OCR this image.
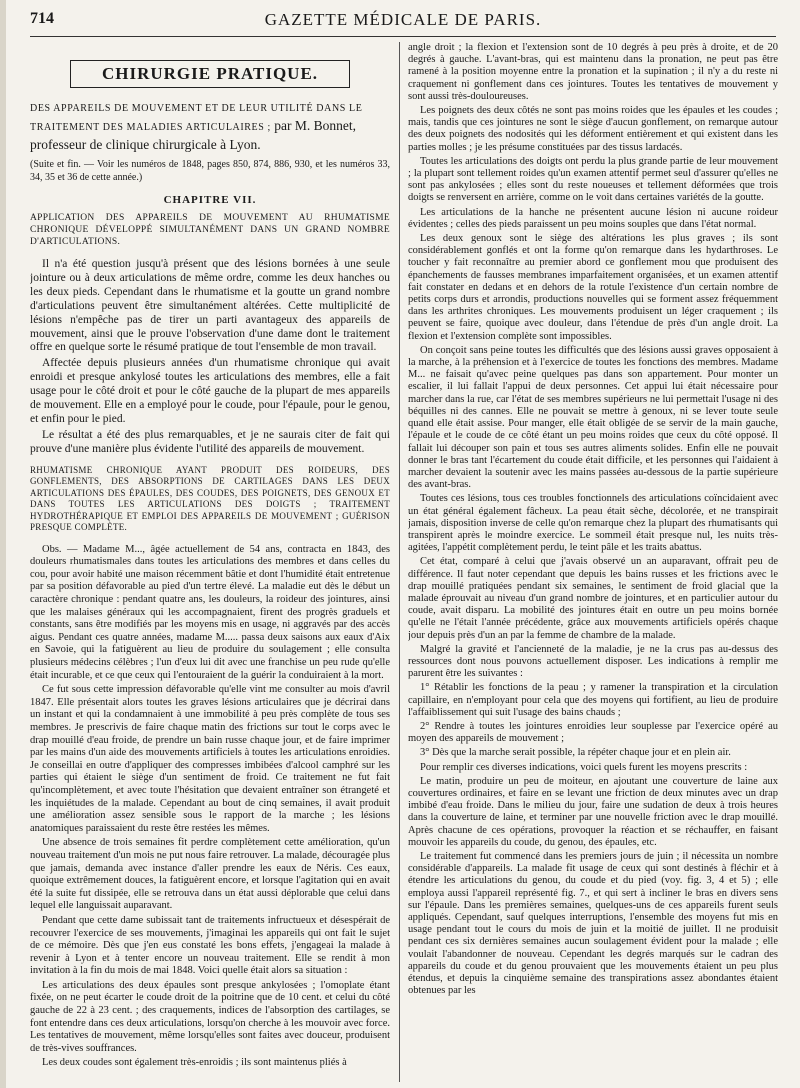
714	GAZETTE MÉDICALE DE PARIS.
CHIRURGIE PRATIQUE.
DES APPAREILS DE MOUVEMENT ET DE LEUR UTILITÉ DANS LE TRAITEMENT DES MALADIES ARTICULAIRES ; par M. Bonnet, professeur de clinique chirurgicale à Lyon.
(Suite et fin. — Voir les numéros de 1848, pages 850, 874, 886, 930, et les numéros 33, 34, 35 et 36 de cette année.)
CHAPITRE VII.
APPLICATION DES APPAREILS DE MOUVEMENT AU RHUMATISME CHRONIQUE DÉVELOPPÉ SIMULTANÉMENT DANS UN GRAND NOMBRE D'ARTICULATIONS.

Il n'a été question jusqu'à présent que des lésions bornées à une seule jointure ou à deux articulations de même ordre, comme les deux hanches ou les deux pieds. Cependant dans le rhumatisme et la goutte un grand nombre d'articulations peuvent être simultanément altérées. Cette multiplicité de lésions n'empêche pas de tirer un parti avantageux des appareils de mouvement, ainsi que le prouve l'observation d'une dame dont le traitement offre en quelque sorte le résumé pratique de tout l'ensemble de mon travail.

Affectée depuis plusieurs années d'un rhumatisme chronique qui avait enroidi et presque ankylosé toutes les articulations des membres, elle a fait usage pour le côté droit et pour le côté gauche de la plupart de mes appareils de mouvement. Elle en a employé pour le coude, pour l'épaule, pour le genou, et enfin pour le pied.

Le résultat a été des plus remarquables, et je ne saurais citer de fait qui prouve d'une manière plus évidente l'utilité des appareils de mouvement.

RHUMATISME CHRONIQUE AYANT PRODUIT DES ROIDEURS, DES GONFLEMENTS, DES ABSORPTIONS DE CARTILAGES DANS LES DEUX ARTICULATIONS DES ÉPAULES, DES COUDES, DES POIGNETS, DES GENOUX ET DANS TOUTES LES ARTICULATIONS DES DOIGTS ; TRAITEMENT HYDROTHÉRAPIQUE ET EMPLOI DES APPAREILS DE MOUVEMENT ; GUÉRISON PRESQUE COMPLÈTE.

Obs. — Madame M..., âgée actuellement de 54 ans, contracta en 1843, des douleurs rhumatismales dans toutes les articulations des membres et dans celles du cou, pour avoir habité une maison récemment bâtie et dont l'humidité était entretenue par sa position défavorable au pied d'un tertre élevé. La maladie eut dès le début un caractère chronique : pendant quatre ans, les douleurs, la roideur des jointures, ainsi que les malaises généraux qui les accompagnaient, firent des progrès graduels et constants, sans être modifiés par les moyens mis en usage, ni aggravés par des accès aigus. Pendant ces quatre années, madame M..... passa deux saisons aux eaux d'Aix en Savoie, qui la fatiguèrent au lieu de produire du soulagement ; elle consulta plusieurs médecins célèbres ; l'un d'eux lui dit avec une franchise un peu rude qu'elle était incurable, et ce que ceux qui l'entouraient de la guérir la conduiraient à la mort.

Ce fut sous cette impression défavorable qu'elle vint me consulter au mois d'avril 1847. Elle présentait alors toutes les graves lésions articulaires que je décrirai dans un instant et qui la condamnaient à une immobilité à peu près complète de tous ses membres. Je prescrivis de faire chaque matin des frictions sur tout le corps avec le drap mouillé d'eau froide, de prendre un bain russe chaque jour, et de faire imprimer par les mains d'un aide des mouvements artificiels à toutes les articulations enroidies. Je conseillai en outre d'appliquer des compresses imbibées d'alcool camphré sur les parties qui étaient le siège d'un sentiment de froid. Ce traitement ne fut fait qu'incomplètement, et avec toute l'hésitation que devaient entraîner son étrangeté et les inquiétudes de la malade. Cependant au bout de cinq semaines, il avait produit une amélioration assez sensible sous le rapport de la marche ; les lésions anatomiques paraissaient du reste être restées les mêmes.

Une absence de trois semaines fit perdre complètement cette amélioration, qu'un nouveau traitement d'un mois ne put nous faire retrouver. La malade, découragée plus que jamais, demanda avec instance d'aller prendre les eaux de Néris. Ces eaux, quoique extrêmement douces, la fatiguèrent encore, et lorsque l'agitation qui en avait été la suite fut dissipée, elle se retrouva dans un état aussi déplorable que celui dans lequel elle languissait auparavant.

Pendant que cette dame subissait tant de traitements infructueux et désespérait de recouvrer l'exercice de ses mouvements, j'imaginai les appareils qui ont fait le sujet de ce mémoire. Dès que j'en eus constaté les bons effets, j'engageai la malade à revenir à Lyon et à tenter encore un nouveau traitement. Elle se rendit à mon invitation à la fin du mois de mai 1848. Voici quelle était alors sa situation :

Les articulations des deux épaules sont presque ankylosées ; l'omoplate étant fixée, on ne peut écarter le coude droit de la poitrine que de 10 cent. et celui du côté gauche de 22 à 23 cent. ; des craquements, indices de l'absorption des cartilages, se font entendre dans ces deux articulations, lorsqu'on cherche à les mouvoir avec force. Les tentatives de mouvement, même lorsqu'elles sont faites avec douceur, produisent de très-vives souffrances.

Les deux coudes sont également très-enroidis ; ils sont maintenus pliés à

angle droit ; la flexion et l'extension sont de 10 degrés à peu près à droite, et de 20 degrés à gauche. L'avant-bras, qui est maintenu dans la pronation, ne peut pas être ramené à la position moyenne entre la pronation et la supination ; il n'y a du reste ni craquement ni gonflement dans ces jointures. Toutes les tentatives de mouvement y sont aussi très-douloureuses.

Les poignets des deux côtés ne sont pas moins roides que les épaules et les coudes ; mais, tandis que ces jointures ne sont le siège d'aucun gonflement, on remarque autour des deux poignets des nodosités qui les déforment entièrement et qui existent dans les parties molles ; je les présume constituées par des tissus lardacés.

Toutes les articulations des doigts ont perdu la plus grande partie de leur mouvement ; la plupart sont tellement roides qu'un examen attentif permet seul d'assurer qu'elles ne sont pas ankylosées ; elles sont du reste noueuses et tellement déformées que trois doigts se renversent en arrière, comme on le voit dans certaines variétés de la goutte.

Les articulations de la hanche ne présentent aucune lésion ni aucune roideur évidentes ; celles des pieds paraissent un peu moins souples que dans l'état normal.

Les deux genoux sont le siège des altérations les plus graves ; ils sont considérablement gonflés et ont la forme qu'on remarque dans les hydarthroses. Le toucher y fait reconnaître au premier abord ce gonflement mou que produisent des épanchements de fausses membranes imparfaitement organisées, et un examen attentif fait constater en dedans et en dehors de la rotule l'existence d'un certain nombre de petits corps durs et arrondis, productions nouvelles qui se forment assez fréquemment dans les arthrites chroniques. Les mouvements produisent un léger craquement ; ils peuvent se faire, quoique avec douleur, dans l'étendue de près d'un angle droit. La flexion et l'extension complète sont impossibles.

On conçoit sans peine toutes les difficultés que des lésions aussi graves opposaient à la marche, à la préhension et à l'exercice de toutes les fonctions des membres. Madame M... ne faisait qu'avec peine quelques pas dans son appartement. Pour monter un escalier, il lui fallait l'appui de deux personnes. Cet appui lui était nécessaire pour marcher dans la rue, car l'état de ses membres supérieurs ne lui permettait l'usage ni des béquilles ni des cannes. Elle ne pouvait se mettre à genoux, ni se lever toute seule quand elle était assise. Pour manger, elle était obligée de se servir de la main gauche, l'épaule et le coude de ce côté étant un peu moins roides que ceux du côté opposé. Il fallait lui découper son pain et tous ses autres aliments solides. Enfin elle ne pouvait donner le bras tant l'écartement du coude était difficile, et les personnes qui l'aidaient à marcher devaient la soutenir avec les mains passées au-dessous de la partie supérieure des avant-bras.

Toutes ces lésions, tous ces troubles fonctionnels des articulations coïncidaient avec un état général également fâcheux. La peau était sèche, décolorée, et ne transpirait jamais, disposition inverse de celle qu'on remarque chez la plupart des rhumatisants qui transpirent après le moindre exercice. Le sommeil était presque nul, les nuits très-agitées, l'appétit complètement perdu, le teint pâle et les traits abattus.

Cet état, comparé à celui que j'avais observé un an auparavant, offrait peu de différence. Il faut noter cependant que depuis les bains russes et les frictions avec le drap mouillé pratiquées pendant six semaines, le sentiment de froid glacial que la malade éprouvait au niveau d'un grand nombre de jointures, et en particulier autour du coude, avait disparu. La mobilité des jointures était en outre un peu moins bornée qu'elle ne l'était l'année précédente, grâce aux mouvements artificiels opérés chaque jour depuis près d'un an par la femme de chambre de la malade.

Malgré la gravité et l'ancienneté de la maladie, je ne la crus pas au-dessus des ressources dont nous pouvons actuellement disposer. Les indications à remplir me parurent être les suivantes :

1° Rétablir les fonctions de la peau ; y ramener la transpiration et la circulation capillaire, en n'employant pour cela que des moyens qui fortifient, au lieu de produire l'affaiblissement qui suit l'usage des bains chauds ;

2° Rendre à toutes les jointures enroidies leur souplesse par l'exercice opéré au moyen des appareils de mouvement ;

3° Dès que la marche serait possible, la répéter chaque jour et en plein air.

Pour remplir ces diverses indications, voici quels furent les moyens prescrits :

Le matin, produire un peu de moiteur, en ajoutant une couverture de laine aux couvertures ordinaires, et faire en se levant une friction de deux minutes avec un drap imbibé d'eau froide. Dans le milieu du jour, faire une sudation de deux à trois heures dans la couverture de laine, et terminer par une nouvelle friction avec le drap mouillé. Après chacune de ces opérations, provoquer la réaction et se réchauffer, en faisant mouvoir les appareils du coude, du genou, des épaules, etc.

Le traitement fut commencé dans les premiers jours de juin ; il nécessita un nombre considérable d'appareils. La malade fit usage de ceux qui sont destinés à fléchir et à étendre les articulations du genou, du coude et du pied (voy. fig. 3, 4 et 5) ; elle employa aussi l'appareil représenté fig. 7., et qui sert à incliner le bras en divers sens sur l'épaule. Dans les premières semaines, quelques-uns de ces appareils furent seuls appliqués. Cependant, sauf quelques interruptions, l'ensemble des moyens fut mis en usage pendant tout le cours du mois de juin et la moitié de juillet. Il ne produisit pendant ces six dernières semaines aucun soulagement évident pour la malade ; elle voulait l'abandonner de nouveau. Cependant les degrés marqués sur le cadran des appareils du coude et du genou prouvaient que les mouvements étaient un peu plus étendus, et depuis la cinquième semaine des transpirations assez abondantes étaient obtenues par les
